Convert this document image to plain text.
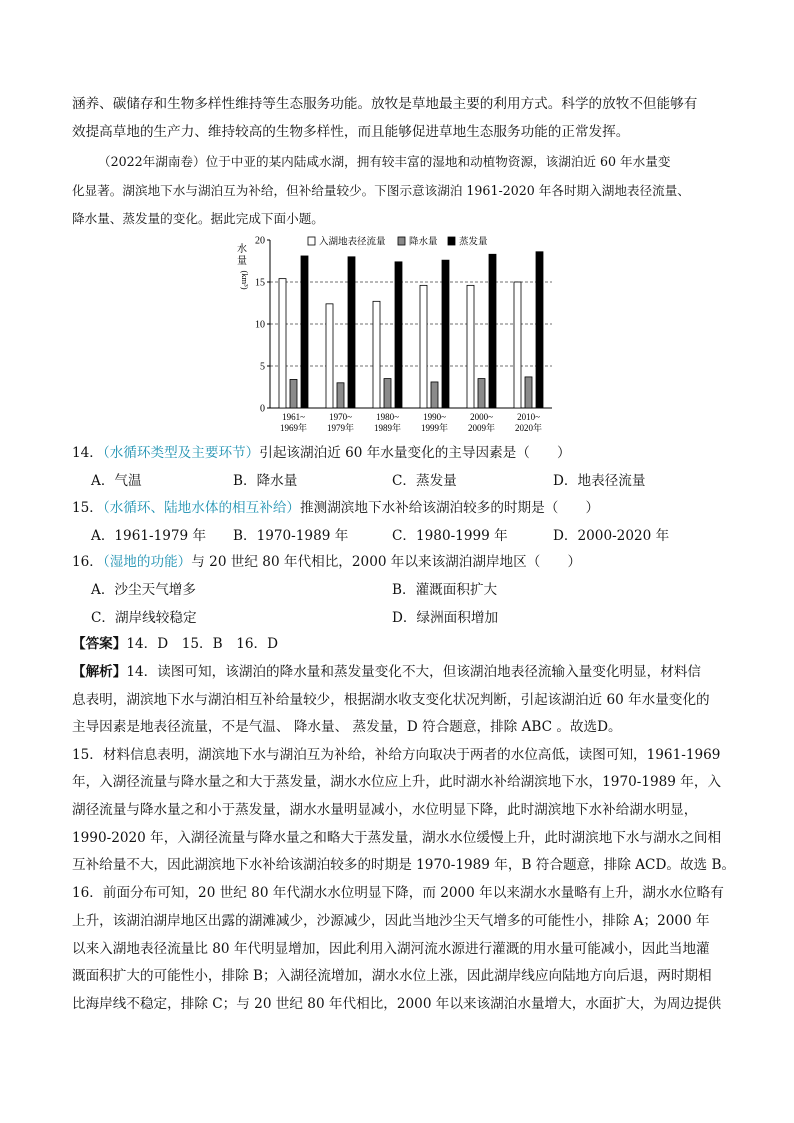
涵养、碳储存和生物多样性维持等生态服务功能。放牧是草地最主要的利用方式。科学的放牧不但能够有

效提高草地的生产力、维持较高的生物多样性，而且能够促进草地生态服务功能的正常发挥。

（2022年湖南卷）位于中亚的某内陆咸水湖，拥有较丰富的湿地和动植物资源，该湖泊近 60 年水量变

化显著。湖滨地下水与湖泊互为补给，但补给量较少。下图示意该湖泊 1961-2020 年各时期入湖地表径流量、

降水量、蒸发量的变化。据此完成下面小题。

水
量
(km³)
1961~
1969年
1970~
1979年
1980~
1989年
1990~
1999年
2000~
2009年
2010~
2020年
0
5
10
15
20	入湖地表径流量 降水量 蒸发量
14．（水循环类型及主要环节）引起该湖泊近 60 年水量变化的主导因素是（　　）
A．气温	B．降水量	C．蒸发量	D．地表径流量
15．（水循环、陆地水体的相互补给）推测湖滨地下水补给该湖泊较多的时期是（　　）
A．1961-1979 年 B．1970-1989 年	C．1980-1999 年	D．2000-2020 年
16．（湿地的功能）与 20 世纪 80 年代相比，2000 年以来该湖泊湖岸地区（　　）
A．沙尘天气增多	B．灌溉面积扩大
C．湖岸线较稳定	D．绿洲面积增加
【答案】14．D　15．B　16．D
【解析】14．读图可知，该湖泊的降水量和蒸发量变化不大，但该湖泊地表径流输入量变化明显，材料信
息表明，湖滨地下水与湖泊相互补给量较少，根据湖水收支变化状况判断，引起该湖泊近 60 年水量变化的
主导因素是地表径流量，不是气温、 降水量、 蒸发量，D 符合题意，排除 ABC 。故选D。
15．材料信息表明，湖滨地下水与湖泊互为补给，补给方向取决于两者的水位高低，读图可知，1961-1969
年，入湖径流量与降水量之和大于蒸发量，湖水水位应上升，此时湖水补给湖滨地下水，1970-1989 年，入
湖径流量与降水量之和小于蒸发量，湖水水量明显减小，水位明显下降，此时湖滨地下水补给湖水明显，
1990-2020 年，入湖径流量与降水量之和略大于蒸发量，湖水水位缓慢上升，此时湖滨地下水与湖水之间相
互补给量不大，因此湖滨地下水补给该湖泊较多的时期是 1970-1989 年，B 符合题意，排除 ACD。故选 B。
16．前面分布可知，20 世纪 80 年代湖水水位明显下降，而 2000 年以来湖水水量略有上升，湖水水位略有
上升，该湖泊湖岸地区出露的湖滩减少，沙源减少，因此当地沙尘天气增多的可能性小，排除 A；2000 年
以来入湖地表径流量比 80 年代明显增加，因此利用入湖河流水源进行灌溉的用水量可能减小，因此当地灌
溉面积扩大的可能性小，排除 B；入湖径流增加，湖水水位上涨，因此湖岸线应向陆地方向后退，两时期相
比海岸线不稳定，排除 C；与 20 世纪 80 年代相比，2000 年以来该湖泊水量增大，水面扩大，为周边提供
